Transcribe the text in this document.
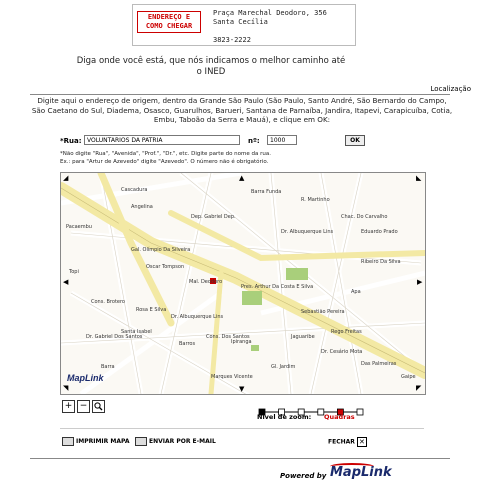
ENDEREÇO E
COMO CHEGAR
Praça Marechal Deodoro, 356
Santa Cecília
3823-2222
Diga onde você está, que nós indicamos o melhor caminho até o INED
Localização
Digite aqui o endereço de origem, dentro da Grande São Paulo (São Paulo, Santo André, São Bernardo do Campo, São Caetano do Sul, Diadema, Osasco, Guarulhos, Barueri, Santana de Parnaíba, Jandira, Itapevi, Carapicuíba, Cotia, Embu, Taboão da Serra e Mauá), e clique em OK:
*Rua: VOLUNTARIOS DA PATRIA	nº:	1000	OK
*Não digite "Rua", "Avenida", "Prof.", "Dr.", etc. Digite parte do nome da rua.
Ex.: para "Artur de Azevedo" digite "Azevedo". O número não é obrigatório.
Barra Funda
R. Martinho
Chac. Do Carvalho
Dr. Albuquerque Lins	Eduardo Prado
Cascadura
Angelina
Dep. Gabriel Dep.
Gal. Olímpio Da Silveira
Ribeiro Da Silva
Oscar Tompson
Mal. Deodoro
Pres. Arthur Da Costa E Silva
Apa
Sebastião Pereira
Topi
Cons. Brotero
Rosa E Silva
Dr. Albuquerque Lins
Dr. Gabriel Dos Santos
Santa Isabel
Barros
Cons. Dos Santos
Ipiranga
Jaguaribe
Rego Freitas
Dr. Cesário Mota
Das Palmeiras
Gl. Jardim
Gaipe
Marques Vicente
Barra
Pacaembu
MapLink
▲
▼
◀	▶
◢	◣
◥	◤
+ −
Nível de zoom: Quadras
IMPRIMIR MAPA	ENVIAR POR E-MAIL	FECHAR ✕
Powered by MapLink
